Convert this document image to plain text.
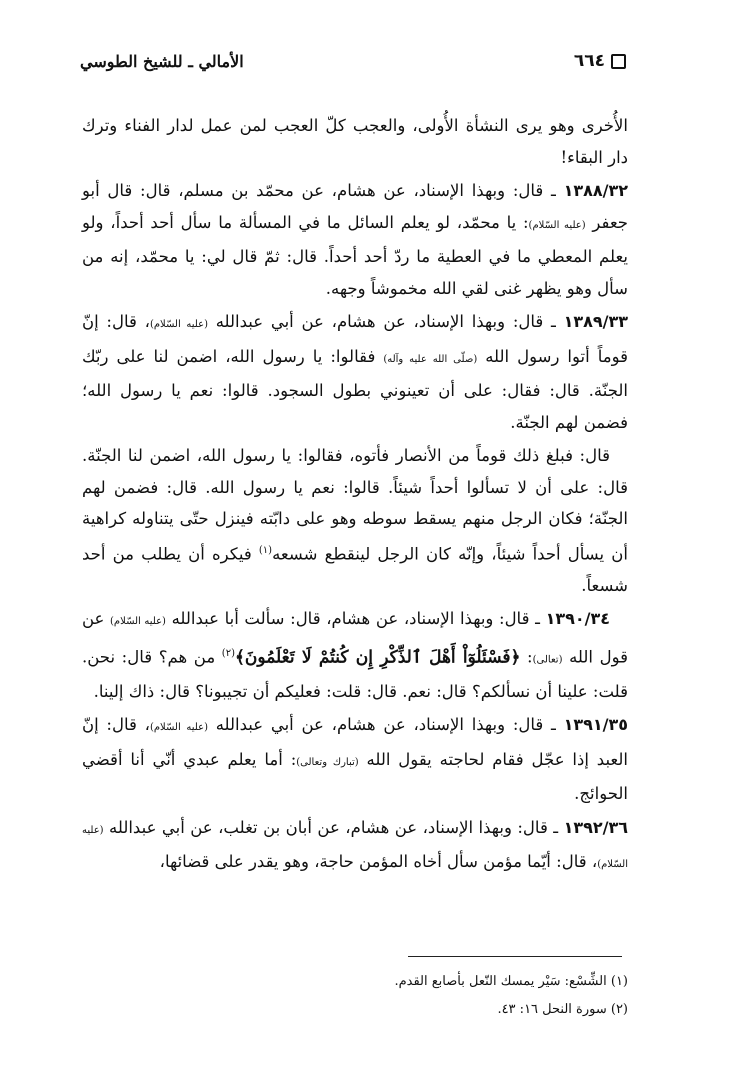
٦٦٤
الأمالي ـ للشيخ الطوسي

الأُخرى وهو يرى النشأة الأُولى، والعجب كلّ العجب لمن عمل لدار الفناء وترك دار البقاء!

١٣٨٨/٣٢ ـ قال: وبهذا الإسناد، عن هشام، عن محمّد بن مسلم، قال: قال أبو جعفر (عليه السّلام): يا محمّد، لو يعلم السائل ما في المسألة ما سأل أحد أحداً، ولو يعلم المعطي ما في العطية ما ردّ أحد أحداً. قال: ثمّ قال لي: يا محمّد، إنه من سأل وهو يظهر غنى لقي الله مخموشاً وجهه.

١٣٨٩/٣٣ ـ قال: وبهذا الإسناد، عن هشام، عن أبي عبدالله (عليه السّلام)، قال: إنّ قوماً أتوا رسول الله (صلّى الله عليه وآله) فقالوا: يا رسول الله، اضمن لنا على ربّك الجنّة. قال: فقال: على أن تعينوني بطول السجود. قالوا: نعم يا رسول الله؛ فضمن لهم الجنّة.

قال: فبلغ ذلك قوماً من الأنصار فأتوه، فقالوا: يا رسول الله، اضمن لنا الجنّة. قال: على أن لا تسألوا أحداً شيئاً. قالوا: نعم يا رسول الله. قال: فضمن لهم الجنّة؛ فكان الرجل منهم يسقط سوطه وهو على دابّته فينزل حتّى يتناوله كراهية أن يسأل أحداً شيئاً، وإنّه كان الرجل لينقطع شسعه$^{(١)}$ فيكره أن يطلب من أحد شسعاً.

١٣٩٠/٣٤ ـ قال: وبهذا الإسناد، عن هشام، قال: سألت أبا عبدالله (عليه السّلام) عن قول الله (تعالى): ﴿فَسْئَلُوٓاْ أَهْلَ ٱلذِّكْرِ إِن كُنتُمْ لَا تَعْلَمُونَ﴾$^{(٢)}$ من هم؟ قال: نحن. قلت: علينا أن نسألكم؟ قال: نعم. قال: قلت: فعليكم أن تجيبونا؟ قال: ذاك إلينا.

١٣٩١/٣٥ ـ قال: وبهذا الإسناد، عن هشام، عن أبي عبدالله (عليه السّلام)، قال: إنّ العبد إذا عجّل فقام لحاجته يقول الله (تبارك وتعالى): أما يعلم عبدي أنّي أنا أقضي الحوائج.

١٣٩٢/٣٦ ـ قال: وبهذا الإسناد، عن هشام، عن أبان بن تغلب، عن أبي عبدالله (عليه السّلام)، قال: أيّما مؤمن سأل أخاه المؤمن حاجة، وهو يقدر على قضائها،

(١) الشِّسْع: سَيْر يمسك النّعل بأصابع القدم.
(٢) سورة النحل ١٦: ٤٣.
